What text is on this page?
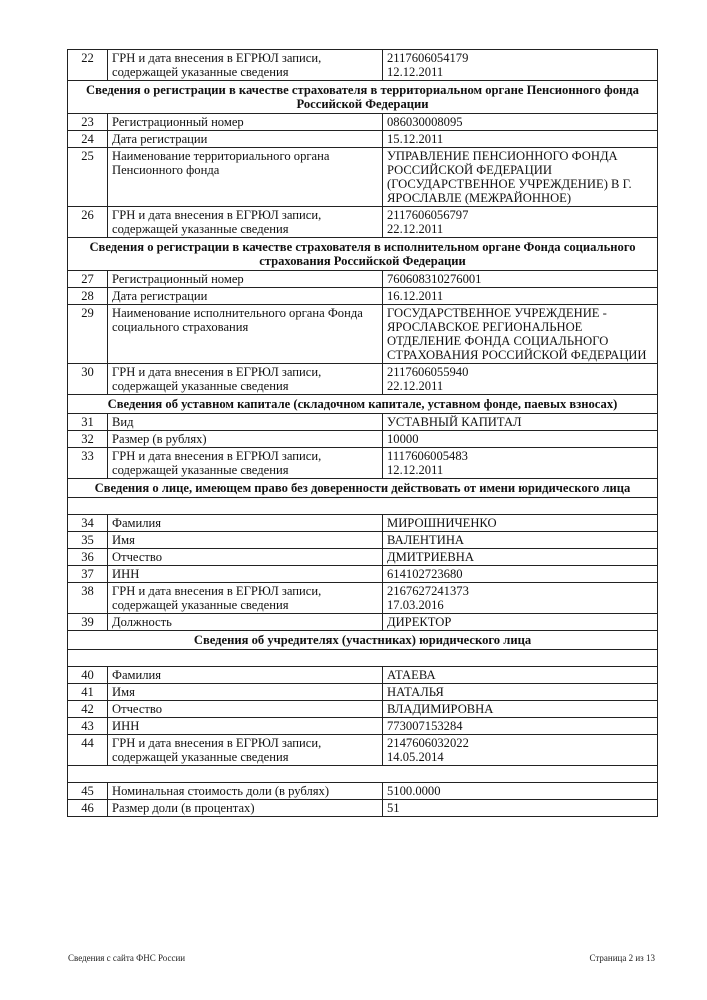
22	ГРН и дата внесения в ЕГРЮЛ записи, содержащей указанные сведения	2117606054179
12.12.2011
Сведения о регистрации в качестве страхователя в территориальном органе Пенсионного фонда Российской Федерации		
23	Регистрационный номер	086030008095
24	Дата регистрации	15.12.2011
25	Наименование территориального органа Пенсионного фонда	УПРАВЛЕНИЕ ПЕНСИОННОГО ФОНДА РОССИЙСКОЙ ФЕДЕРАЦИИ (ГОСУДАРСТВЕННОЕ УЧРЕЖДЕНИЕ) В Г. ЯРОСЛАВЛЕ (МЕЖРАЙОННОЕ)
26	ГРН и дата внесения в ЕГРЮЛ записи, содержащей указанные сведения	2117606056797
22.12.2011
Сведения о регистрации в качестве страхователя в исполнительном органе Фонда социального страхования Российской Федерации		
27	Регистрационный номер	760608310276001
28	Дата регистрации	16.12.2011
29	Наименование исполнительного органа Фонда социального страхования	ГОСУДАРСТВЕННОЕ УЧРЕЖДЕНИЕ - ЯРОСЛАВСКОЕ РЕГИОНАЛЬНОЕ ОТДЕЛЕНИЕ ФОНДА СОЦИАЛЬНОГО СТРАХОВАНИЯ РОССИЙСКОЙ ФЕДЕРАЦИИ
30	ГРН и дата внесения в ЕГРЮЛ записи, содержащей указанные сведения	2117606055940
22.12.2011
Сведения об уставном капитале (складочном капитале, уставном фонде, паевых взносах)		
31	Вид	УСТАВНЫЙ КАПИТАЛ
32	Размер (в рублях)	10000
33	ГРН и дата внесения в ЕГРЮЛ записи, содержащей указанные сведения	1117606005483
12.12.2011
Сведения о лице, имеющем право без доверенности действовать от имени юридического лица		

34	Фамилия	МИРОШНИЧЕНКО
35	Имя	ВАЛЕНТИНА
36	Отчество	ДМИТРИЕВНА
37	ИНН	614102723680
38	ГРН и дата внесения в ЕГРЮЛ записи, содержащей указанные сведения	2167627241373
17.03.2016
39	Должность	ДИРЕКТОР
Сведения об учредителях (участниках) юридического лица		

40	Фамилия	АТАЕВА
41	Имя	НАТАЛЬЯ
42	Отчество	ВЛАДИМИРОВНА
43	ИНН	773007153284
44	ГРН и дата внесения в ЕГРЮЛ записи, содержащей указанные сведения	2147606032022
14.05.2014

45	Номинальная стоимость доли (в рублях)	5100.0000
46	Размер доли (в процентах)	51
Сведения с сайта ФНС России	Страница 2 из 13
